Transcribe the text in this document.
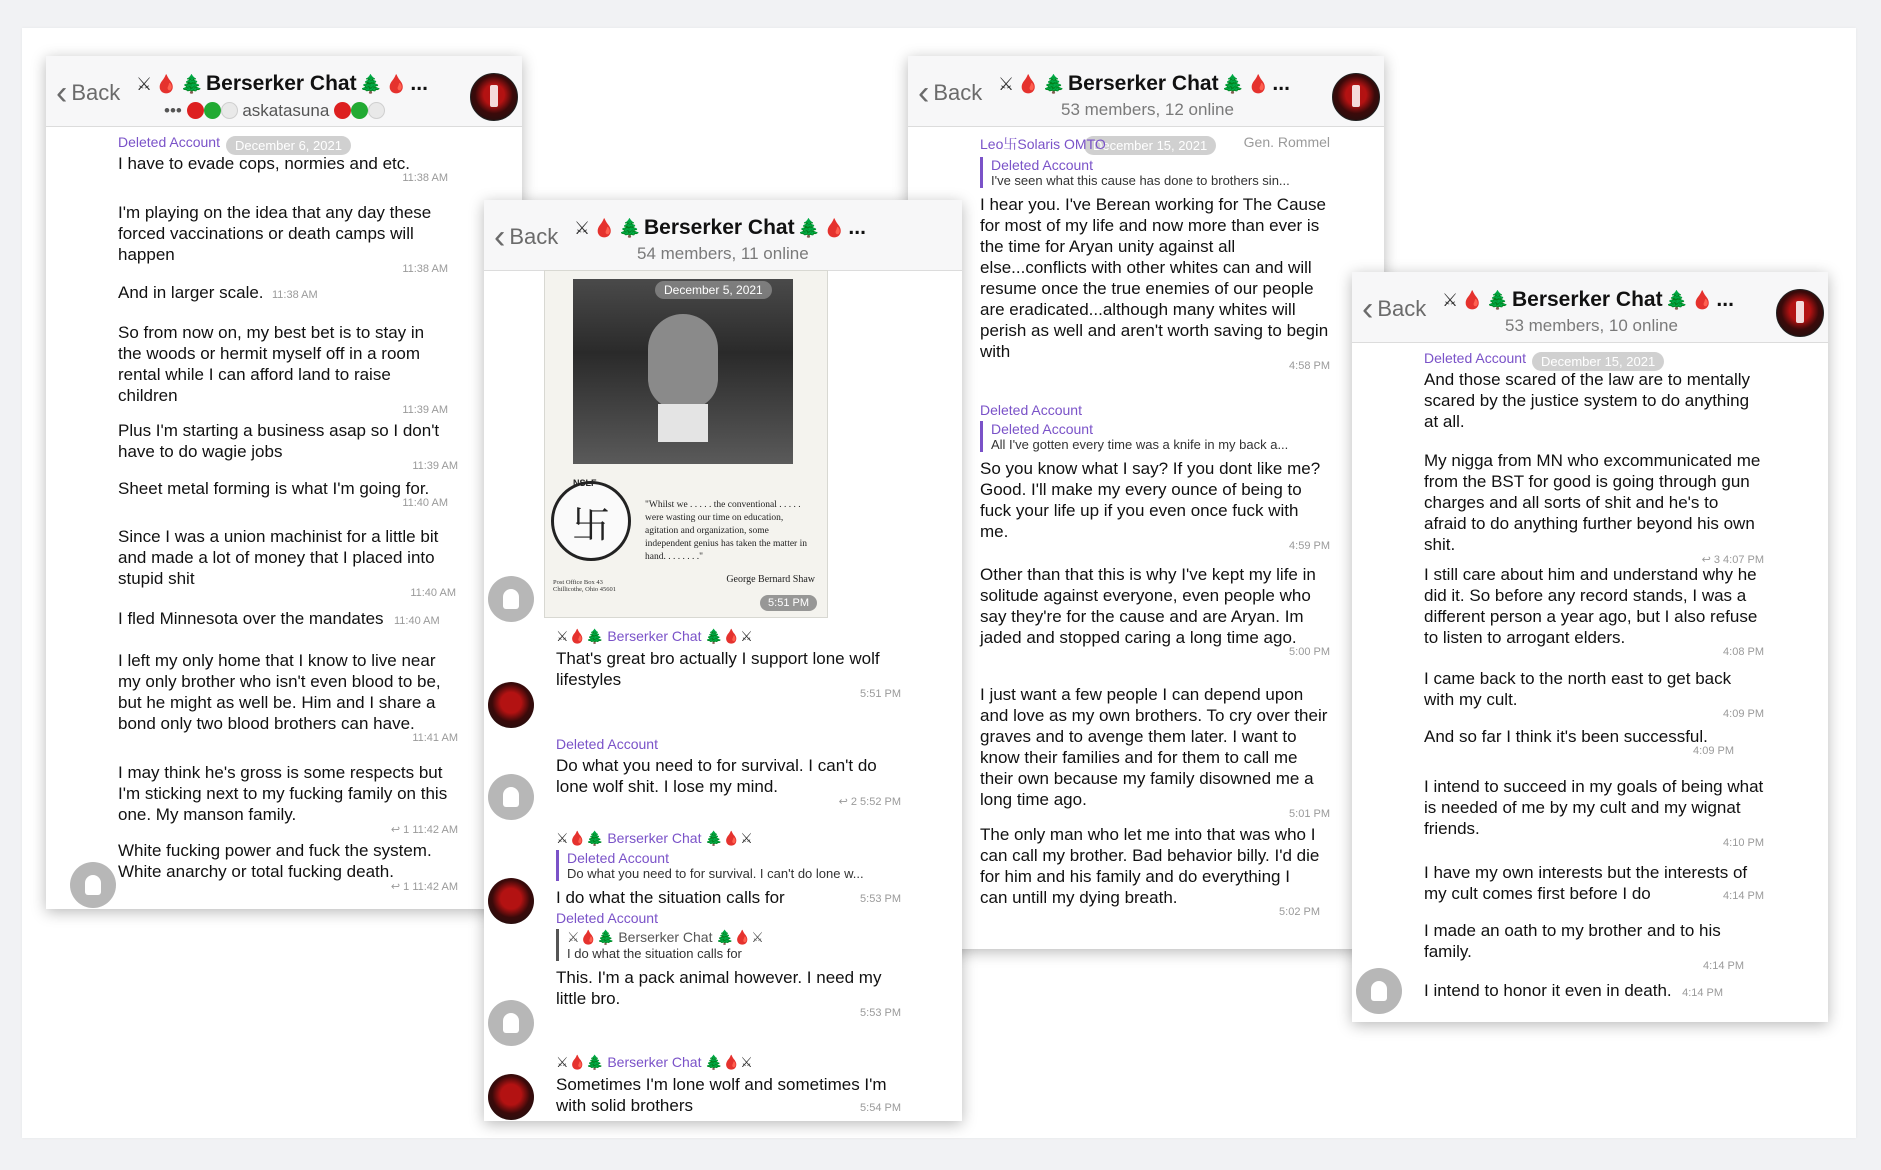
‹ Back ⚔ 🩸 🌲 Berserker Chat 🌲 🩸 ...
•••	askatasuna
December 6, 2021
Deleted Account
I have to evade cops, normies and etc.
11:38 AM
I'm playing on the idea that any day these forced vaccinations or death camps will happen
11:38 AM
And in larger scale. 11:38 AM
So from now on, my best bet is to stay in the woods or hermit myself off in a room rental while I can afford land to raise children
11:39 AM
Plus I'm starting a business asap so I don't have to do wagie jobs
11:39 AM
Sheet metal forming is what I'm going for.
11:40 AM
Since I was a union machinist for a little bit and made a lot of money that I placed into stupid shit
11:40 AM
I fled Minnesota over the mandates 11:40 AM
I left my only home that I know to live near my only brother who isn't even blood to be, but he might as well be. Him and I share a bond only two blood brothers can have.
11:41 AM
I may think he's gross is some respects but I'm sticking next to my fucking family on this one. My manson family.
↩ 1 11:42 AM
White fucking power and fuck the system. White anarchy or total fucking death.
↩ 1 11:42 AM
‹ Back ⚔ 🩸 🌲 Berserker Chat 🌲 🩸 ...
53 members, 12 online
December 15, 2021
Leo卐Solaris OMTO	Gen. Rommel
Deleted Account
I've seen what this cause has done to brothers sin...
I hear you. I've Berean working for The Cause for most of my life and now more than ever is the time for Aryan unity against all else...conflicts with other whites can and will resume once the true enemies of our people are eradicated...although many whites will perish as well and aren't worth saving to begin with
4:58 PM
Deleted Account
Deleted Account
All I've gotten every time was a knife in my back a...
So you know what I say? If you dont like me? Good. I'll make my every ounce of being to fuck your life up if you even once fuck with me.
4:59 PM
Other than that this is why I've kept my life in solitude against everyone, even people who say they're for the cause and are Aryan. Im jaded and stopped caring a long time ago.
5:00 PM
I just want a few people I can depend upon and love as my own brothers. To cry over their graves and to avenge them later. I want to know their families and for them to call me their own because my family disowned me a long time ago.
5:01 PM
The only man who let me into that was who I can call my brother. Bad behavior billy. I'd die for him and his family and do everything I can untill my dying breath.
5:02 PM
‹ Back ⚔ 🩸 🌲 Berserker Chat 🌲 🩸 ...
54 members, 11 online
卐
NSLF
"Whilst we . . . . . the conventional . . . . . were wasting our time on education, agitation and organization, some independent genius has taken the matter in hand. . . . . . . ."
George Bernard Shaw
Post Office Box 43 Chillicothe, Ohio 45601
December 5, 2021
5:51 PM
⚔🩸🌲 Berserker Chat 🌲🩸⚔
That's great bro actually I support lone wolf lifestyles
5:51 PM
Deleted Account
Do what you need to for survival. I can't do lone wolf shit. I lose my mind.
↩ 2 5:52 PM
⚔🩸🌲 Berserker Chat 🌲🩸⚔
Deleted Account
Do what you need to for survival. I can't do lone w...
I do what the situation calls for	5:53 PM
Deleted Account
⚔🩸🌲 Berserker Chat 🌲🩸⚔
I do what the situation calls for
This. I'm a pack animal however. I need my little bro.
5:53 PM
⚔🩸🌲 Berserker Chat 🌲🩸⚔
Sometimes I'm lone wolf and sometimes I'm with solid brothers	5:54 PM
‹ Back ⚔ 🩸 🌲 Berserker Chat 🌲 🩸 ...
53 members, 10 online
December 15, 2021
Deleted Account
And those scared of the law are to mentally scared by the justice system to do anything at all.
My nigga from MN who excommunicated me from the BST for good is going through gun charges and all sorts of shit and he's to afraid to do anything further beyond his own shit.
↩ 3 4:07 PM
I still care about him and understand why he did it. So before any record stands, I was a different person a year ago, but I also refuse to listen to arrogant elders.
4:08 PM
I came back to the north east to get back with my cult.
4:09 PM
And so far I think it's been successful.
4:09 PM
I intend to succeed in my goals of being what is needed of me by my cult and my wignat friends.
4:10 PM
I have my own interests but the interests of my cult comes first before I do	4:14 PM
I made an oath to my brother and to his family.
4:14 PM
I intend to honor it even in death. 4:14 PM
